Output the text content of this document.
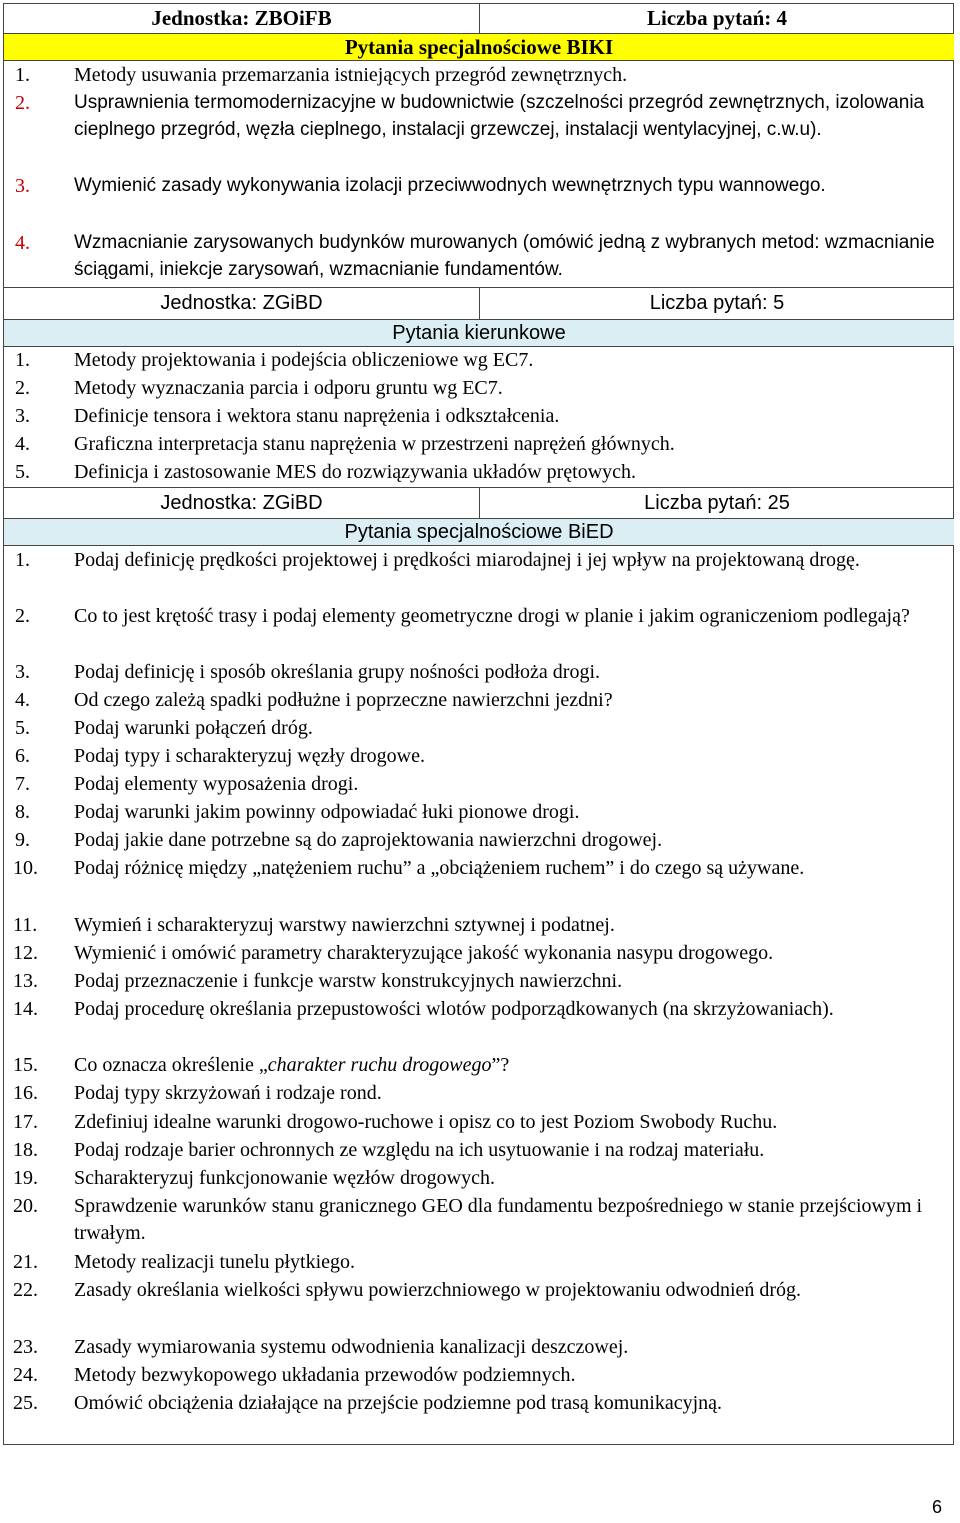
Jednostka: ZBOiFB	Liczba pytań: 4
Pytania specjalnościowe BIKI
1. Metody usuwania przemarzania istniejących przegród zewnętrznych.
2. Usprawnienia termomodernizacyjne w budownictwie (szczelności przegród zewnętrznych, izolowania cieplnego przegród, węzła cieplnego, instalacji grzewczej, instalacji wentylacyjnej, c.w.u).
3. Wymienić zasady wykonywania izolacji przeciwwodnych wewnętrznych typu wannowego.
4. Wzmacnianie zarysowanych budynków murowanych (omówić jedną z wybranych metod: wzmacnianie ściągami, iniekcje zarysowań, wzmacnianie fundamentów.
Jednostka: ZGiBD	Liczba pytań: 5
Pytania kierunkowe
1. Metody projektowania i podejścia obliczeniowe wg EC7.
2. Metody wyznaczania parcia i odporu gruntu wg EC7.
3. Definicje tensora i wektora stanu naprężenia i odkształcenia.
4. Graficzna interpretacja stanu naprężenia w przestrzeni naprężeń głównych.
5. Definicja i zastosowanie MES do rozwiązywania układów prętowych.
Jednostka: ZGiBD	Liczba pytań: 25
Pytania specjalnościowe BiED
1. Podaj definicję prędkości projektowej i prędkości miarodajnej i jej wpływ na projektowaną drogę.
2. Co to jest krętość trasy i podaj elementy geometryczne drogi w planie i jakim ograniczeniom podlegają?
3. Podaj definicję i sposób określania grupy nośności podłoża drogi.
4. Od czego zależą spadki podłużne i poprzeczne nawierzchni jezdni?
5. Podaj warunki połączeń dróg.
6. Podaj typy i scharakteryzuj węzły drogowe.
7. Podaj elementy wyposażenia drogi.
8. Podaj warunki jakim powinny odpowiadać łuki pionowe drogi.
9. Podaj jakie dane potrzebne są do zaprojektowania nawierzchni drogowej.
10. Podaj różnicę między „natężeniem ruchu” a „obciążeniem ruchem” i do czego są używane.
11. Wymień i scharakteryzuj warstwy nawierzchni sztywnej i podatnej.
12. Wymienić i omówić parametry charakteryzujące jakość wykonania nasypu drogowego.
13. Podaj przeznaczenie i funkcje warstw konstrukcyjnych nawierzchni.
14. Podaj procedurę określania przepustowości wlotów podporządkowanych (na skrzyżowaniach).
15. Co oznacza określenie „charakter ruchu drogowego”?
16. Podaj typy skrzyżowań i rodzaje rond.
17. Zdefiniuj idealne warunki drogowo-ruchowe i opisz co to jest Poziom Swobody Ruchu.
18. Podaj rodzaje barier ochronnych ze względu na ich usytuowanie i na rodzaj materiału.
19. Scharakteryzuj funkcjonowanie węzłów drogowych.
20. Sprawdzenie warunków stanu granicznego GEO dla fundamentu bezpośredniego w stanie przejściowym i trwałym.
21. Metody realizacji tunelu płytkiego.
22. Zasady określania wielkości spływu powierzchniowego w projektowaniu odwodnień dróg.
23. Zasady wymiarowania systemu odwodnienia kanalizacji deszczowej.
24. Metody bezwykopowego układania przewodów podziemnych.
25. Omówić obciążenia działające na przejście podziemne pod trasą komunikacyjną.
6
